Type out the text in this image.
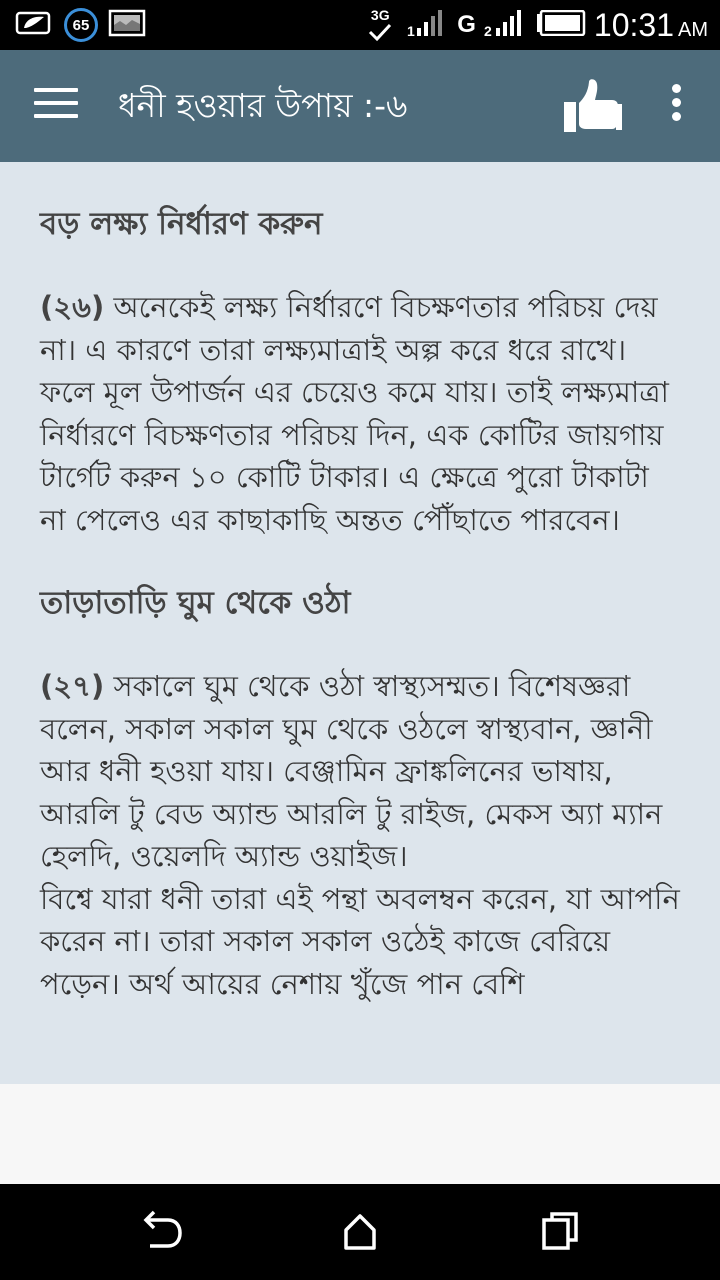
65
3G
1 G 2	10:31 AM
ধনী হওয়ার উপায় :-৬
বড় লক্ষ্য নির্ধারণ করুন
(২৬) অনেকেই লক্ষ্য নির্ধারণে বিচক্ষণতার পরিচয় দেয় না। এ কারণে তারা লক্ষ্যমাত্রাই অল্প করে ধরে রাখে। ফলে মূল উপার্জন এর চেয়েও কমে যায়। তাই লক্ষ্যমাত্রা নির্ধারণে বিচক্ষণতার পরিচয় দিন, এক কোটির জায়গায় টার্গেট করুন ১০ কোটি টাকার। এ ক্ষেত্রে পুরো টাকাটা না পেলেও এর কাছাকাছি অন্তত পৌঁছাতে পারবেন।
তাড়াতাড়ি ঘুম থেকে ওঠা
(২৭) সকালে ঘুম থেকে ওঠা স্বাস্থ্যসম্মত। বিশেষজ্ঞরা বলেন, সকাল সকাল ঘুম থেকে ওঠলে স্বাস্থ্যবান, জ্ঞানী আর ধনী হওয়া যায়। বেঞ্জামিন ফ্রাঙ্কলিনের ভাষায়, আরলি টু বেড অ্যান্ড আরলি টু রাইজ, মেকস অ্যা ম্যান হেলদি, ওয়েলদি অ্যান্ড ওয়াইজ।
বিশ্বে যারা ধনী তারা এই পন্থা অবলম্বন করেন, যা আপনি করেন না। তারা সকাল সকাল ওঠেই কাজে বেরিয়ে পড়েন। অর্থ আয়ের নেশায় খুঁজে পান বেশি
